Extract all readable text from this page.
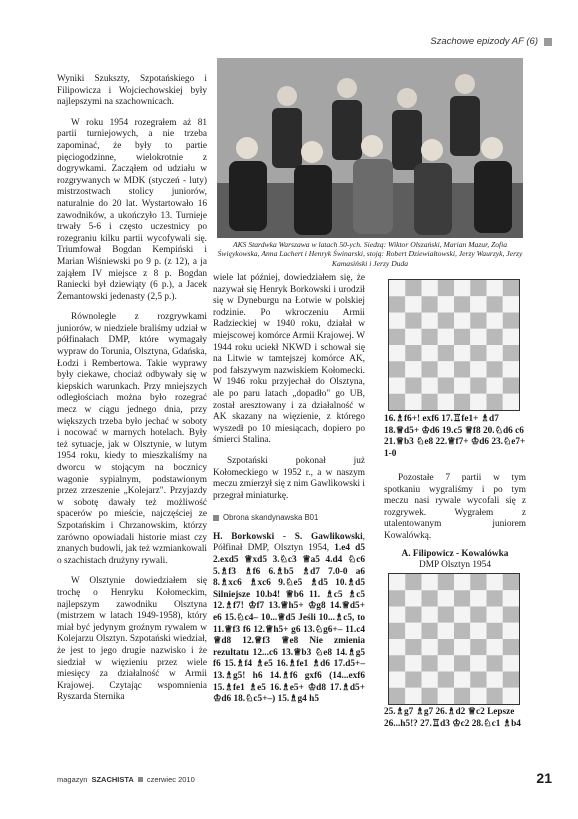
Szachowe epizody AF (6)

Wyniki Szukszty, Szpotańskiego i Filipowicza i Wojciechowskiej były najlepszymi na szachownicach.

W roku 1954 rozegrałem aż 81 partii turniejowych, a nie trzeba zapominać, że były to partie pięciogodzinne, wielokrotnie z dogrywkami. Zacząłem od udziału w rozgrywanych w MDK (styczeń - luty) mistrzostwach stolicy juniorów, naturalnie do 20 lat. Wystartowało 16 zawodników, a ukończyło 13. Turnieje trwały 5-6 i często uczestnicy po rozegraniu kilku partii wycofywali się. Triumfował Bogdan Kempiński i Marian Wiśniewski po 9 p. (z 12), a ja zająłem IV miejsce z 8 p. Bogdan Raniecki był dziewiąty (6 p.), a Jacek Żemantowski jedenasty (2,5 p.).

Równolegle z rozgrywkami juniorów, w niedziele braliśmy udział w półfinałach DMP, które wymagały wypraw do Torunia, Olsztyna, Gdańska, Łodzi i Rembertowa. Takie wyprawy były ciekawe, chociaż odbywały się w kiepskich warunkach. Przy mniejszych odległościach można było rozegrać mecz w ciągu jednego dnia, przy większych trzeba było jechać w soboty i nocować w marnych hotelach. Były też sytuacje, jak w Olsztynie, w lutym 1954 roku, kiedy to mieszkaliśmy na dworcu w stojącym na bocznicy wagonie sypialnym, podstawionym przez zrzeszenie „Kolejarz". Przyjazdy w sobotę dawały też możliwość spacerów po mieście, najczęściej ze Szpotańskim i Chrzanowskim, którzy zarówno opowiadali historie miast czy znanych budowli, jak też wzmiankowali o szachistach drużyny rywali.

W Olsztynie dowiedziałem się trochę o Henryku Kołomeckim, najlepszym zawodniku Olsztyna (mistrzem w latach 1949-1958), który miał być jedynym groźnym rywalem w Kolejarzu Olsztyn. Szpotański wiedział, że jest to jego drugie nazwisko i że siedział w więzieniu przez wiele miesięcy za działalność w Armii Krajowej. Czytając wspomnienia Ryszarda Sternika

AKS Stardwka Warszawa w latach 50-ych. Siedzą: Wiktor Olszański, Marian Mazur, Zofia Święykowska, Anna Lachert i Henryk Świnarski, stoją: Robert Dziewiałtowski, Jerzy Waurzyk, Jerzy Kamasiński i Jerzy Duda

wiele lat później, dowiedziałem się, że nazywał się Henryk Borkowski i urodził się w Dyneburgu na Łotwie w polskiej rodzinie. Po wkroczeniu Armii Radzieckiej w 1940 roku, działał w miejscowej komórce Armii Krajowej. W 1944 roku uciekł NKWD i schował się na Litwie w tamtejszej komórce AK, pod fałszywym nazwiskiem Kołomecki. W 1946 roku przyjechał do Olsztyna, ale po paru latach „dopadło" go UB, został aresztowany i za działalność w AK skazany na więzienie, z którego wyszedł po 10 miesiącach, dopiero po śmierci Stalina.

Szpotański pokonał już Kołomeckiego w 1952 r., a w naszym meczu zmierzył się z nim Gawlikowski i przegrał miniaturkę.

Obrona skandynawska B01

H. Borkowski - S. Gawlikowski, Półfinał DMP, Olsztyn 1954, 1.e4 d5 2.exd5 ♕xd5 3.♘c3 ♕a5 4.d4 ♘c6 5.♗f3 ♗f6 6.♗b5 ♗d7 7.0-0 a6 8.♗xc6 ♗xc6 9.♘e5 ♗d5 10.♗d5 Silniejsze 10.b4! ♕b6 11. ♗c5 ♗c5 12.♗f7! ♔f7 13.♕h5+ ♔g8 14.♕d5+ e6 15.♘c4– 10...♕d5 Jeśli 10...♗c5, to 11.♕f3 f6 12.♕h5+ g6 13.♘g6+– 11.c4 ♕d8 12.♕f3 ♕e8 Nie zmienia rezultatu 12...c6 13.♕b3 ♘e8 14.♗g5 f6 15.♗f4 ♗e5 16.♗fe1 ♗d6 17.d5+– 13.♗g5! h6 14.♗f6 gxf6 (14...exf6 15.♗fe1 ♗e5 16.♗e5+ ♔d8 17.♗d5+ ♔d6 18.♘c5+–) 15.♗g4 h5

16.♗f6+! exf6 17.♖fe1+ ♗d7 18.♕d5+ ♔d6 19.c5 ♕f8 20.♘d6 c6 21.♕b3 ♘e8 22.♕f7+ ♔d6 23.♘e7+ 1-0

Pozostałe 7 partii w tym spotkaniu wygraliśmy i po tym meczu nasi rywale wycofali się z rozgrywek. Wygrałem z utalentowanym juniorem Kowalówką.

A. Filipowicz - Kowalówka
DMP Olsztyn 1954
25.♗g7 ♗g7 26.♗d2 ♕c2 Lepsze 26...h5!? 27.♖d3 ♔c2 28.♘c1 ♗b4
magazyn SZACHISTA czerwiec 2010	21
